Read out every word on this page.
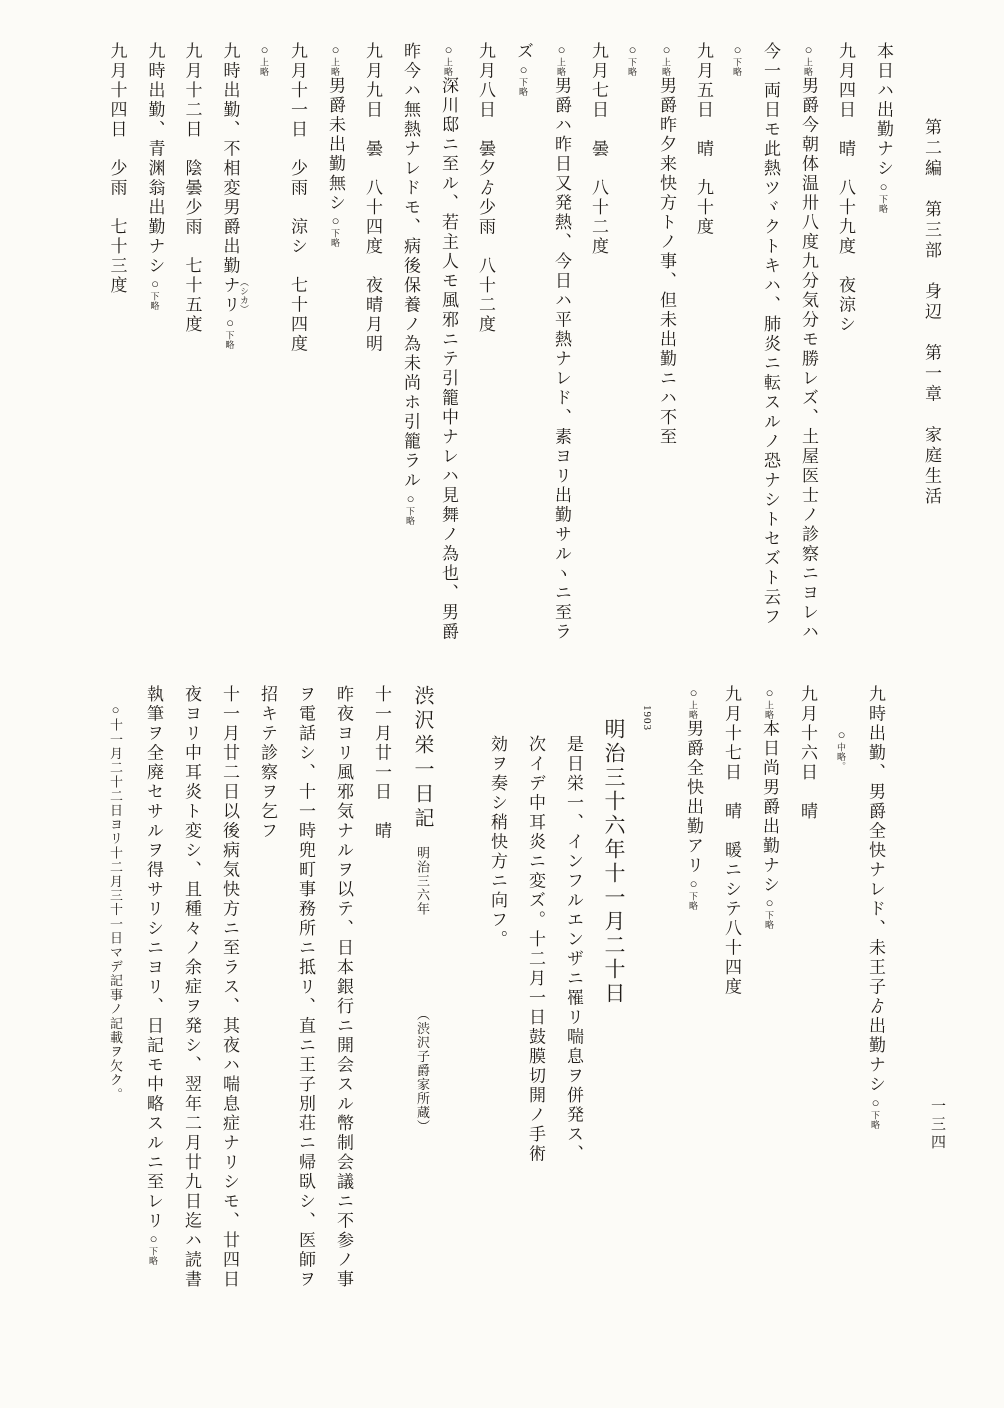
第二編　第三部　身辺　第一章　家庭生活
本日ハ出勤ナシ○下略
九月四日　晴　八十九度　夜涼シ
○上略男爵今朝体温卅八度九分気分モ勝レズ、土屋医士ノ診察ニヨレハ
今一両日モ此熱ツヾクトキハ、肺炎ニ転スルノ恐ナシトセズト云フ
○下略
九月五日　晴　九十度
○上略男爵昨夕来快方トノ事、但未出勤ニハ不至
○下略
九月七日　曇　八十二度
○上略男爵ハ昨日又発熱、今日ハ平熱ナレド、素ヨリ出勤サルヽニ至ラ
ズ○下略
九月八日　曇夕ゟ少雨　八十二度
○上略深川邸ニ至ル、若主人モ風邪ニテ引籠中ナレハ見舞ノ為也、男爵
昨今ハ無熱ナレドモ、病後保養ノ為未尚ホ引籠ラル○下略
九月九日　曇　八十四度　夜晴月明
○上略男爵未出勤無シ○下略
九月十一日　少雨　涼シ　七十四度
○上略
九時出勤、不相変男爵出勤ナリ （シカ）○下略
九月十二日　陰曇少雨　七十五度
九時出勤、青渊翁出勤ナシ○下略
九月十四日　少雨　七十三度
九時出勤、男爵全快ナレド、未王子ゟ出勤ナシ○下略
○中略。
九月十六日　晴
○上略本日尚男爵出勤ナシ○下略
九月十七日　晴　暖ニシテ八十四度
○上略男爵全快出勤アリ○下略
1903
明治三十六年十一月二十日
是日栄一、インフルエンザニ罹リ喘息ヲ併発ス、
次イデ中耳炎ニ変ズ。十二月一日鼓膜切開ノ手術
効ヲ奏シ稍快方ニ向フ。
渋沢栄一日記　明治三六年　　　　　　　（渋沢子爵家所蔵）
十一月廿一日　晴
昨夜ヨリ風邪気ナルヲ以テ、日本銀行ニ開会スル幣制会議ニ不参ノ事
ヲ電話シ、十一時兜町事務所ニ抵リ、直ニ王子別荘ニ帰臥シ、医師ヲ
招キテ診察ヲ乞フ
十一月廿二日以後病気快方ニ至ラス、其夜ハ喘息症ナリシモ、廿四日
夜ヨリ中耳炎ト変シ、且種々ノ余症ヲ発シ、翌年二月廿九日迄ハ読書
執筆ヲ全廃セサルヲ得サリシニヨリ、日記モ中略スルニ至レリ○下略
○十一月二十二日ヨリ十二月三十一日マデ記事ノ記載ヲ欠ク。
一三四
